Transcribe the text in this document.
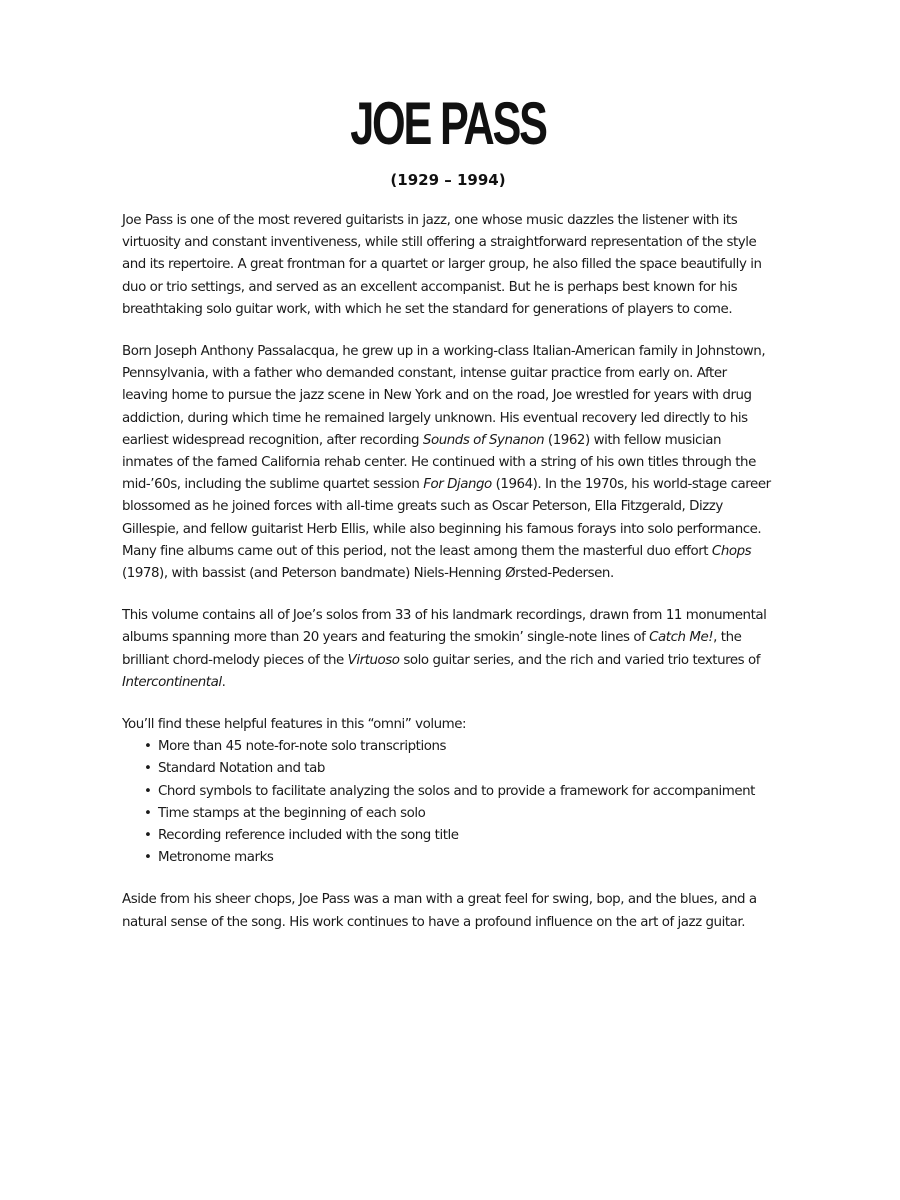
JOE PASS
(1929 – 1994)

Joe Pass is one of the most revered guitarists in jazz, one whose music dazzles the listener with its virtuosity and constant inventiveness, while still offering a straightforward representation of the style and its repertoire. A great frontman for a quartet or larger group, he also filled the space beautifully in duo or trio settings, and served as an excellent accompanist. But he is perhaps best known for his breathtaking solo guitar work, with which he set the standard for generations of players to come.

Born Joseph Anthony Passalacqua, he grew up in a working-class Italian-American family in Johnstown, Pennsylvania, with a father who demanded constant, intense guitar practice from early on. After leaving home to pursue the jazz scene in New York and on the road, Joe wrestled for years with drug addiction, during which time he remained largely unknown. His eventual recovery led directly to his earliest widespread recognition, after recording Sounds of Synanon (1962) with fellow musician inmates of the famed California rehab center. He continued with a string of his own titles through the mid-’60s, including the sublime quartet session For Django (1964). In the 1970s, his world-stage career blossomed as he joined forces with all-time greats such as Oscar Peterson, Ella Fitzgerald, Dizzy Gillespie, and fellow guitarist Herb Ellis, while also beginning his famous forays into solo performance. Many fine albums came out of this period, not the least among them the masterful duo effort Chops (1978), with bassist (and Peterson bandmate) Niels-Henning Ørsted-Pedersen.

This volume contains all of Joe’s solos from 33 of his landmark recordings, drawn from 11 monumental albums spanning more than 20 years and featuring the smokin’ single-note lines of Catch Me!, the brilliant chord-melody pieces of the Virtuoso solo guitar series, and the rich and varied trio textures of Intercontinental.

You’ll find these helpful features in this “omni” volume:

• More than 45 note-for-note solo transcriptions
• Standard Notation and tab
• Chord symbols to facilitate analyzing the solos and to provide a framework for accompaniment
• Time stamps at the beginning of each solo
• Recording reference included with the song title
• Metronome marks

Aside from his sheer chops, Joe Pass was a man with a great feel for swing, bop, and the blues, and a natural sense of the song. His work continues to have a profound influence on the art of jazz guitar.
